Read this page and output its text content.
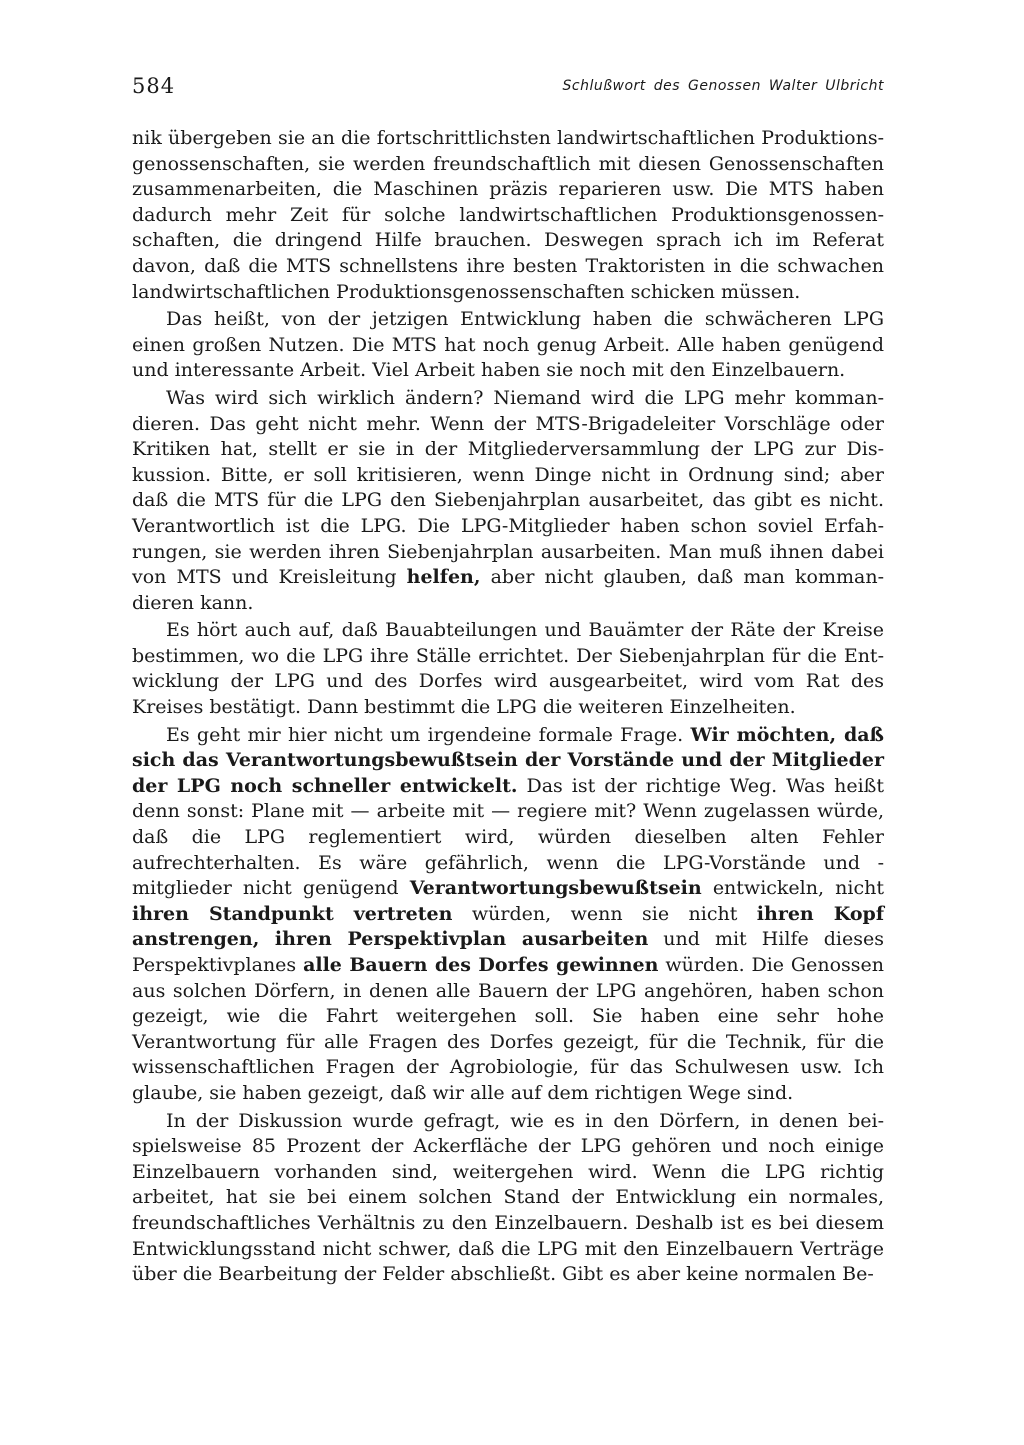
584	Schlußwort des Genossen Walter Ulbricht

nik übergeben sie an die fortschrittlichsten landwirtschaftlichen Produktionsgenossenschaften, sie werden freundschaftlich mit diesen Genossenschaften zusammenarbeiten, die Maschinen präzis reparieren usw. Die MTS haben dadurch mehr Zeit für solche landwirtschaftlichen Produktionsgenossenschaften, die dringend Hilfe brauchen. Deswegen sprach ich im Referat davon, daß die MTS schnellstens ihre besten Traktoristen in die schwachen landwirtschaftlichen Produktionsgenossenschaften schicken müssen.

Das heißt, von der jetzigen Entwicklung haben die schwächeren LPG einen großen Nutzen. Die MTS hat noch genug Arbeit. Alle haben genügend und interessante Arbeit. Viel Arbeit haben sie noch mit den Einzelbauern.

Was wird sich wirklich ändern? Niemand wird die LPG mehr kommandieren. Das geht nicht mehr. Wenn der MTS-Brigadeleiter Vorschläge oder Kritiken hat, stellt er sie in der Mitgliederversammlung der LPG zur Diskussion. Bitte, er soll kritisieren, wenn Dinge nicht in Ordnung sind; aber daß die MTS für die LPG den Siebenjahrplan ausarbeitet, das gibt es nicht. Verantwortlich ist die LPG. Die LPG-Mitglieder haben schon soviel Erfahrungen, sie werden ihren Siebenjahrplan ausarbeiten. Man muß ihnen dabei von MTS und Kreisleitung helfen, aber nicht glauben, daß man kommandieren kann.

Es hört auch auf, daß Bauabteilungen und Bauämter der Räte der Kreise bestimmen, wo die LPG ihre Ställe errichtet. Der Siebenjahrplan für die Entwicklung der LPG und des Dorfes wird ausgearbeitet, wird vom Rat des Kreises bestätigt. Dann bestimmt die LPG die weiteren Einzelheiten.

Es geht mir hier nicht um irgendeine formale Frage. Wir möchten, daß sich das Verantwortungsbewußtsein der Vorstände und der Mitglieder der LPG noch schneller entwickelt. Das ist der richtige Weg. Was heißt denn sonst: Plane mit — arbeite mit — regiere mit? Wenn zugelassen würde, daß die LPG reglementiert wird, würden dieselben alten Fehler aufrechterhalten. Es wäre gefährlich, wenn die LPG-Vorstände und -mitglieder nicht genügend Verantwortungsbewußtsein entwickeln, nicht ihren Standpunkt vertreten würden, wenn sie nicht ihren Kopf anstrengen, ihren Perspektivplan ausarbeiten und mit Hilfe dieses Perspektivplanes alle Bauern des Dorfes gewinnen würden. Die Genossen aus solchen Dörfern, in denen alle Bauern der LPG angehören, haben schon gezeigt, wie die Fahrt weitergehen soll. Sie haben eine sehr hohe Verantwortung für alle Fragen des Dorfes gezeigt, für die Technik, für die wissenschaftlichen Fragen der Agrobiologie, für das Schulwesen usw. Ich glaube, sie haben gezeigt, daß wir alle auf dem richtigen Wege sind.

In der Diskussion wurde gefragt, wie es in den Dörfern, in denen beispielsweise 85 Prozent der Ackerfläche der LPG gehören und noch einige Einzelbauern vorhanden sind, weitergehen wird. Wenn die LPG richtig arbeitet, hat sie bei einem solchen Stand der Entwicklung ein normales, freundschaftliches Verhältnis zu den Einzelbauern. Deshalb ist es bei diesem Entwicklungsstand nicht schwer, daß die LPG mit den Einzelbauern Verträge über die Bearbeitung der Felder abschließt. Gibt es aber keine normalen Be-
